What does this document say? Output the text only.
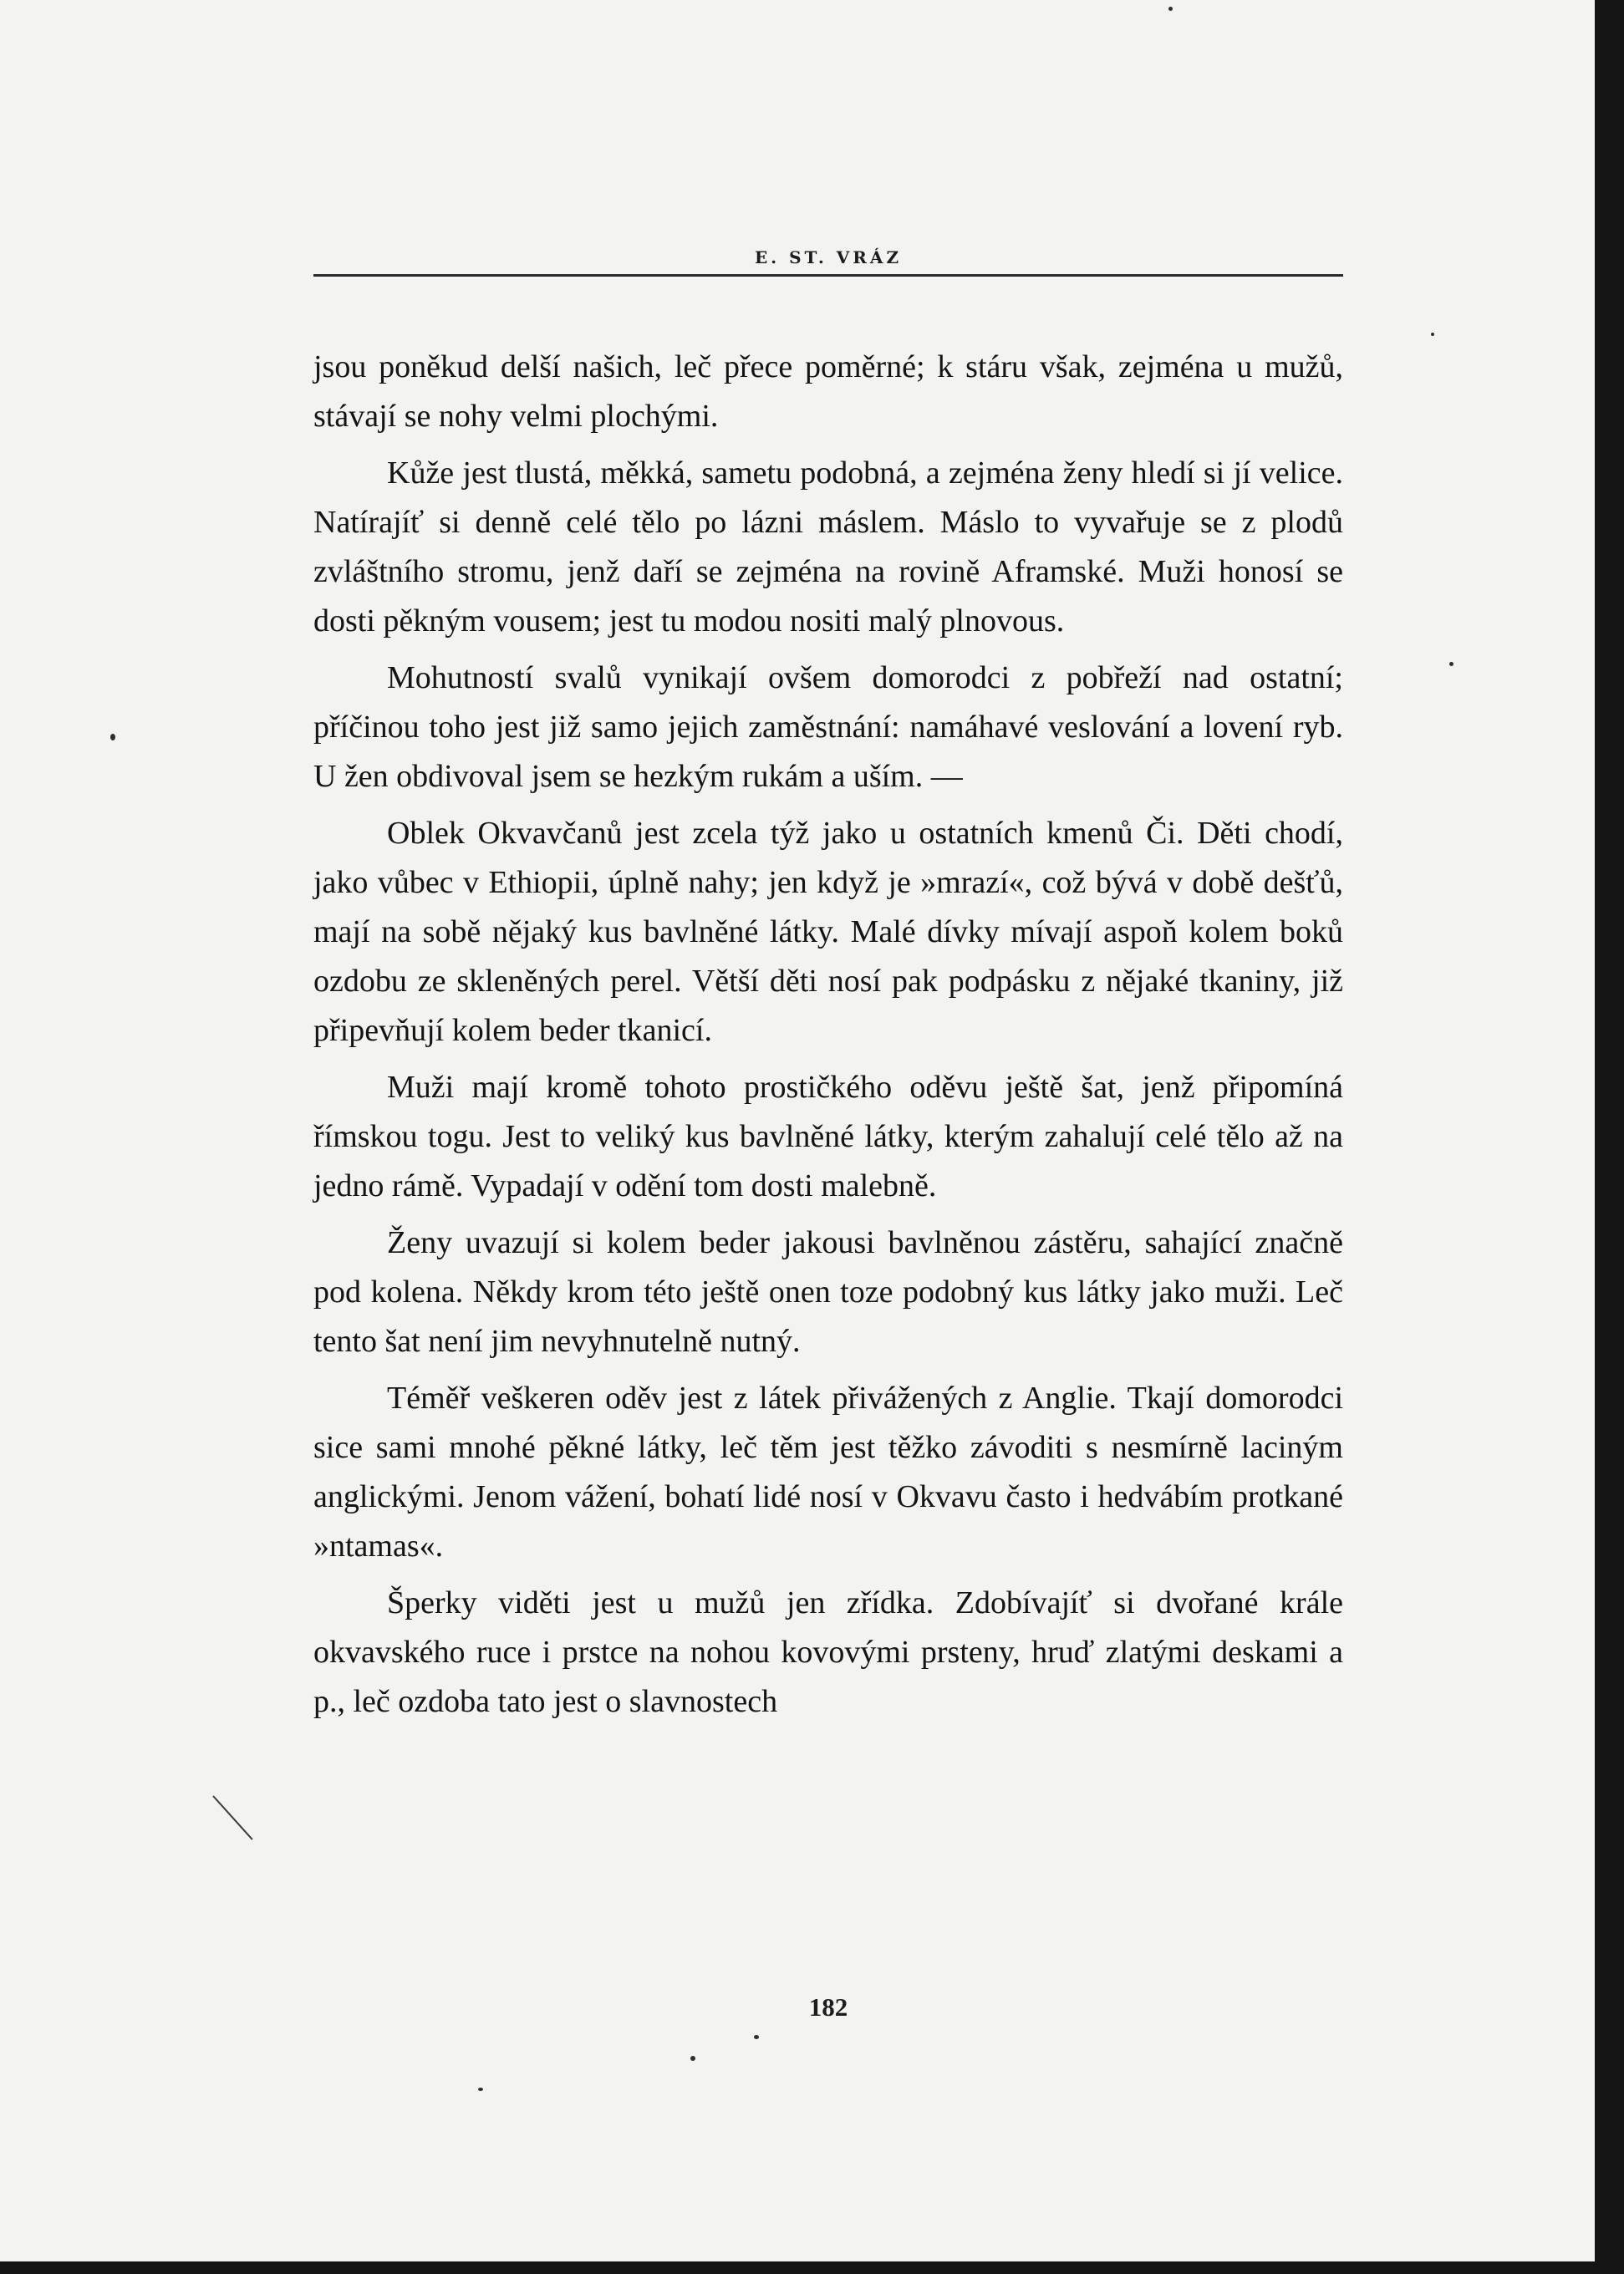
E. ST. VRÁZ

jsou poněkud delší našich, leč přece poměrné; k stáru však, zejména u mužů, stávají se nohy velmi plochými.

Kůže jest tlustá, měkká, sametu podobná, a zejména ženy hledí si jí velice. Natírajíť si denně celé tělo po lázni máslem. Máslo to vyvařuje se z plodů zvláštního stromu, jenž daří se zejména na rovině Aframské. Muži honosí se dosti pěkným vousem; jest tu modou nositi malý plnovous.

Mohutností svalů vynikají ovšem domorodci z pobřeží nad ostatní; příčinou toho jest již samo jejich zaměstnání: namáhavé veslování a lovení ryb. U žen obdivoval jsem se hezkým rukám a uším. —

Oblek Okvavčanů jest zcela týž jako u ostatních kmenů Či. Děti chodí, jako vůbec v Ethiopii, úplně nahy; jen když je »mrazí«, což bývá v době dešťů, mají na sobě nějaký kus bavlněné látky. Malé dívky mívají aspoň kolem boků ozdobu ze skleněných perel. Větší děti nosí pak podpásku z nějaké tkaniny, již připevňují kolem beder tkanicí.

Muži mají kromě tohoto prostičkého oděvu ještě šat, jenž připomíná římskou togu. Jest to veliký kus bavlněné látky, kterým zahalují celé tělo až na jedno rámě. Vypadají v odění tom dosti malebně.

Ženy uvazují si kolem beder jakousi bavlněnou zástěru, sahající značně pod kolena. Někdy krom této ještě onen toze podobný kus látky jako muži. Leč tento šat není jim nevyhnutelně nutný.

Téměř veškeren oděv jest z látek přivážených z Anglie. Tkají domorodci sice sami mnohé pěkné látky, leč těm jest těžko závoditi s nesmírně laciným anglickými. Jenom vážení, bohatí lidé nosí v Okvavu často i hedvábím protkané »ntamas«.

Šperky viděti jest u mužů jen zřídka. Zdobívajíť si dvořané krále okvavského ruce i prstce na nohou kovovými prsteny, hruď zlatými deskami a p., leč ozdoba tato jest o slavnostech

182
